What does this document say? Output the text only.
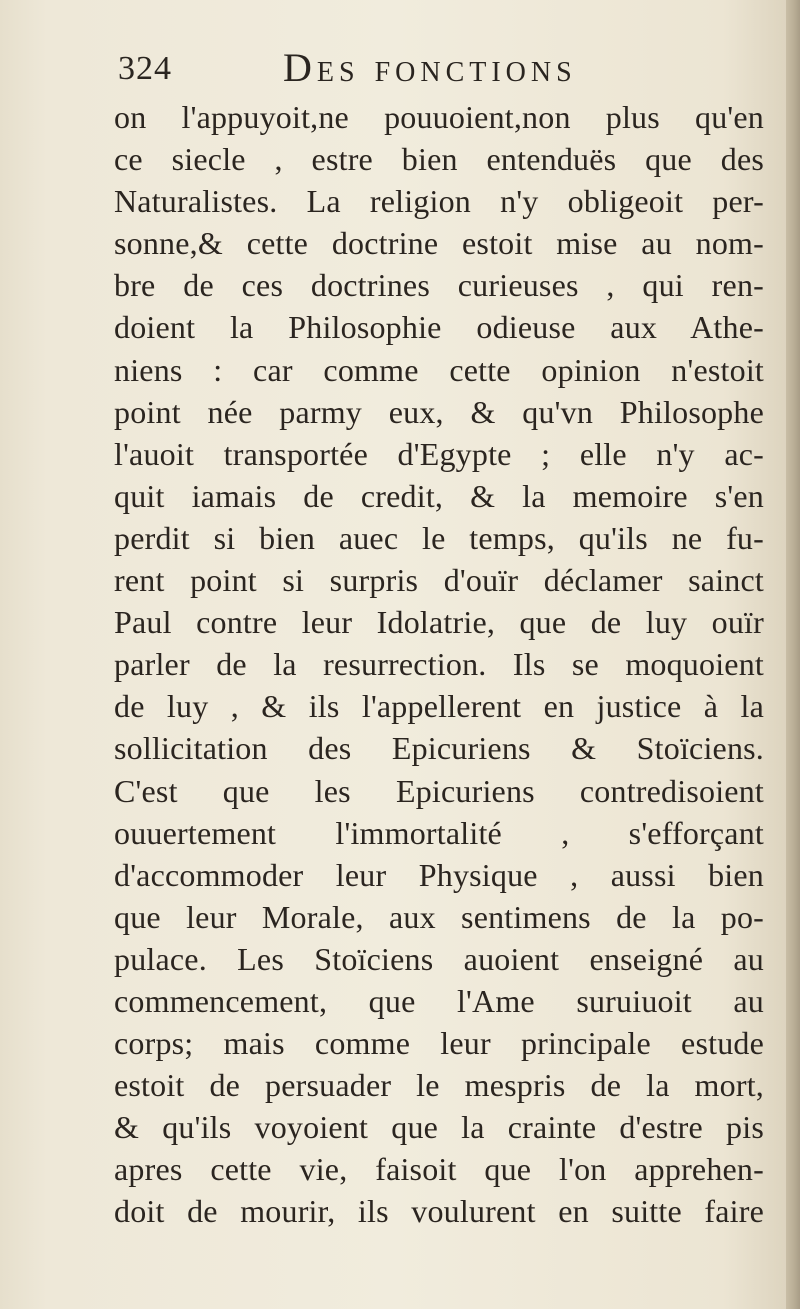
324	Des fonctions
on l'appuyoit,ne pouuoient,non plus qu'en
ce siecle , estre bien entenduës que des
Naturalistes. La religion n'y obligeoit per-
sonne,& cette doctrine estoit mise au nom-
bre de ces doctrines curieuses , qui ren-
doient la Philosophie odieuse aux Athe-
niens : car comme cette opinion n'estoit
point née parmy eux, & qu'vn Philosophe
l'auoit transportée d'Egypte ; elle n'y ac-
quit iamais de credit, & la memoire s'en
perdit si bien auec le temps, qu'ils ne fu-
rent point si surpris d'ouïr déclamer sainct
Paul contre leur Idolatrie, que de luy ouïr
parler de la resurrection. Ils se moquoient
de luy , & ils l'appellerent en justice à la
sollicitation des Epicuriens & Stoïciens.
C'est que les Epicuriens contredisoient
ouuertement l'immortalité , s'efforçant
d'accommoder leur Physique , aussi bien
que leur Morale, aux sentimens de la po-
pulace. Les Stoïciens auoient enseigné au
commencement, que l'Ame suruiuoit au
corps; mais comme leur principale estude
estoit de persuader le mespris de la mort,
& qu'ils voyoient que la crainte d'estre pis
apres cette vie, faisoit que l'on apprehen-
doit de mourir, ils voulurent en suitte faire
